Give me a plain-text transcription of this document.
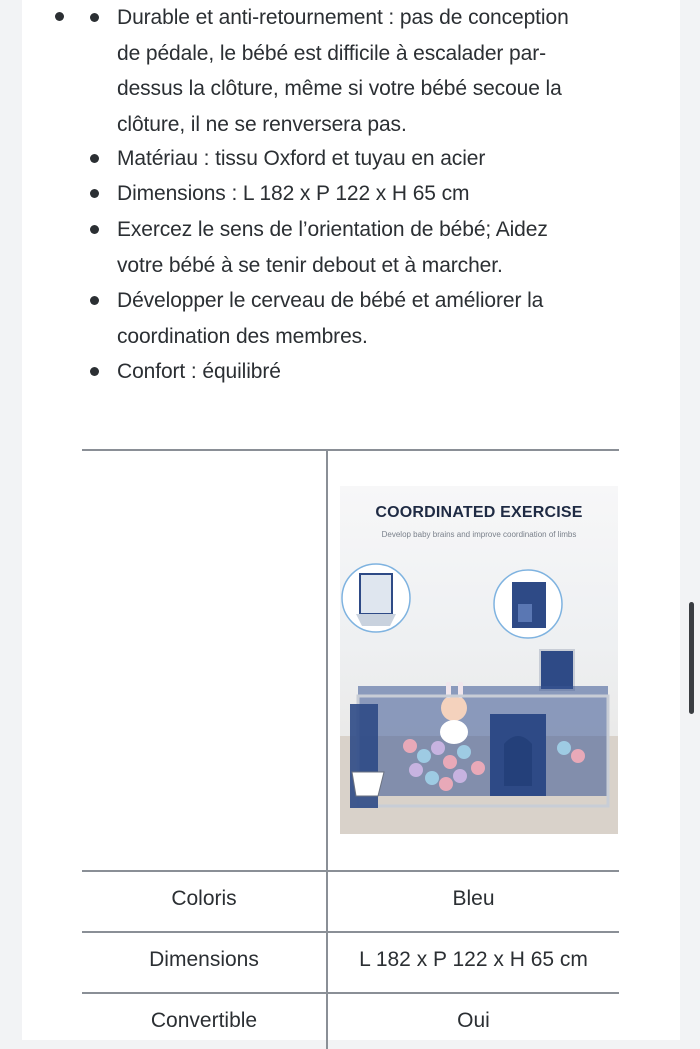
Durable et anti-retournement : pas de conception de pédale, le bébé est difficile à escalader par-dessus la clôture, même si votre bébé secoue la clôture, il ne se renversera pas.
Matériau : tissu Oxford et tuyau en acier
Dimensions : L 182 x P 122 x H 65 cm
Exercez le sens de l’orientation de bébé; Aidez votre bébé à se tenir debout et à marcher.
Développer le cerveau de bébé et améliorer la coordination des membres.
Confort : équilibré
Coloris	Bleu
Dimensions	L 182 x P 122 x H 65 cm
Convertible	Oui
COORDINATED EXERCISE
Develop baby brains and improve coordination of limbs
